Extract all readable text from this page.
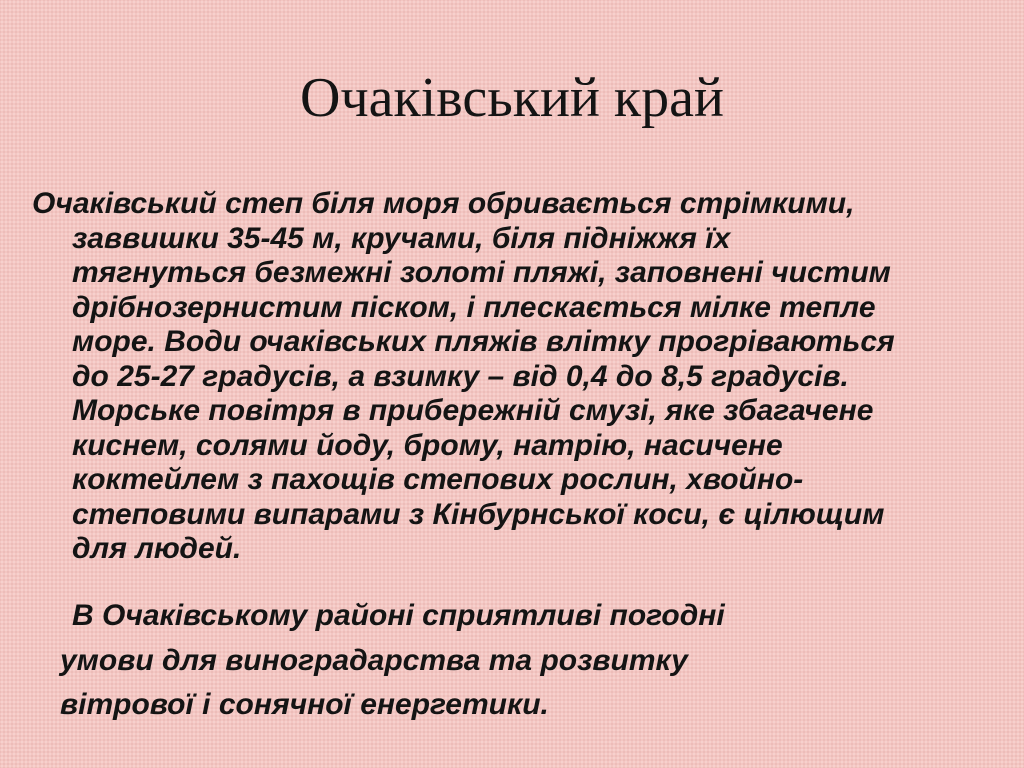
Очаківський край

Очаківський степ біля моря обривається стрімкими,
заввишки 35-45 м, кручами, біля підніжжя їх
тягнуться безмежні золоті пляжі, заповнені чистим
дрібнозернистим піском, і плескається мілке тепле
море. Води очаківських пляжів влітку прогріваються
до 25-27 градусів, а взимку – від 0,4 до 8,5 градусів.
Морське повітря в прибережній смузі, яке збагачене
киснем, солями йоду, брому, натрію, насичене
коктейлем з пахощів степових рослин, хвойно-
степовими випарами з Кінбурнської коси, є цілющим
для людей.

В Очаківському районі сприятливі погодні
умови для виноградарства та розвитку
вітрової і сонячної енергетики.
